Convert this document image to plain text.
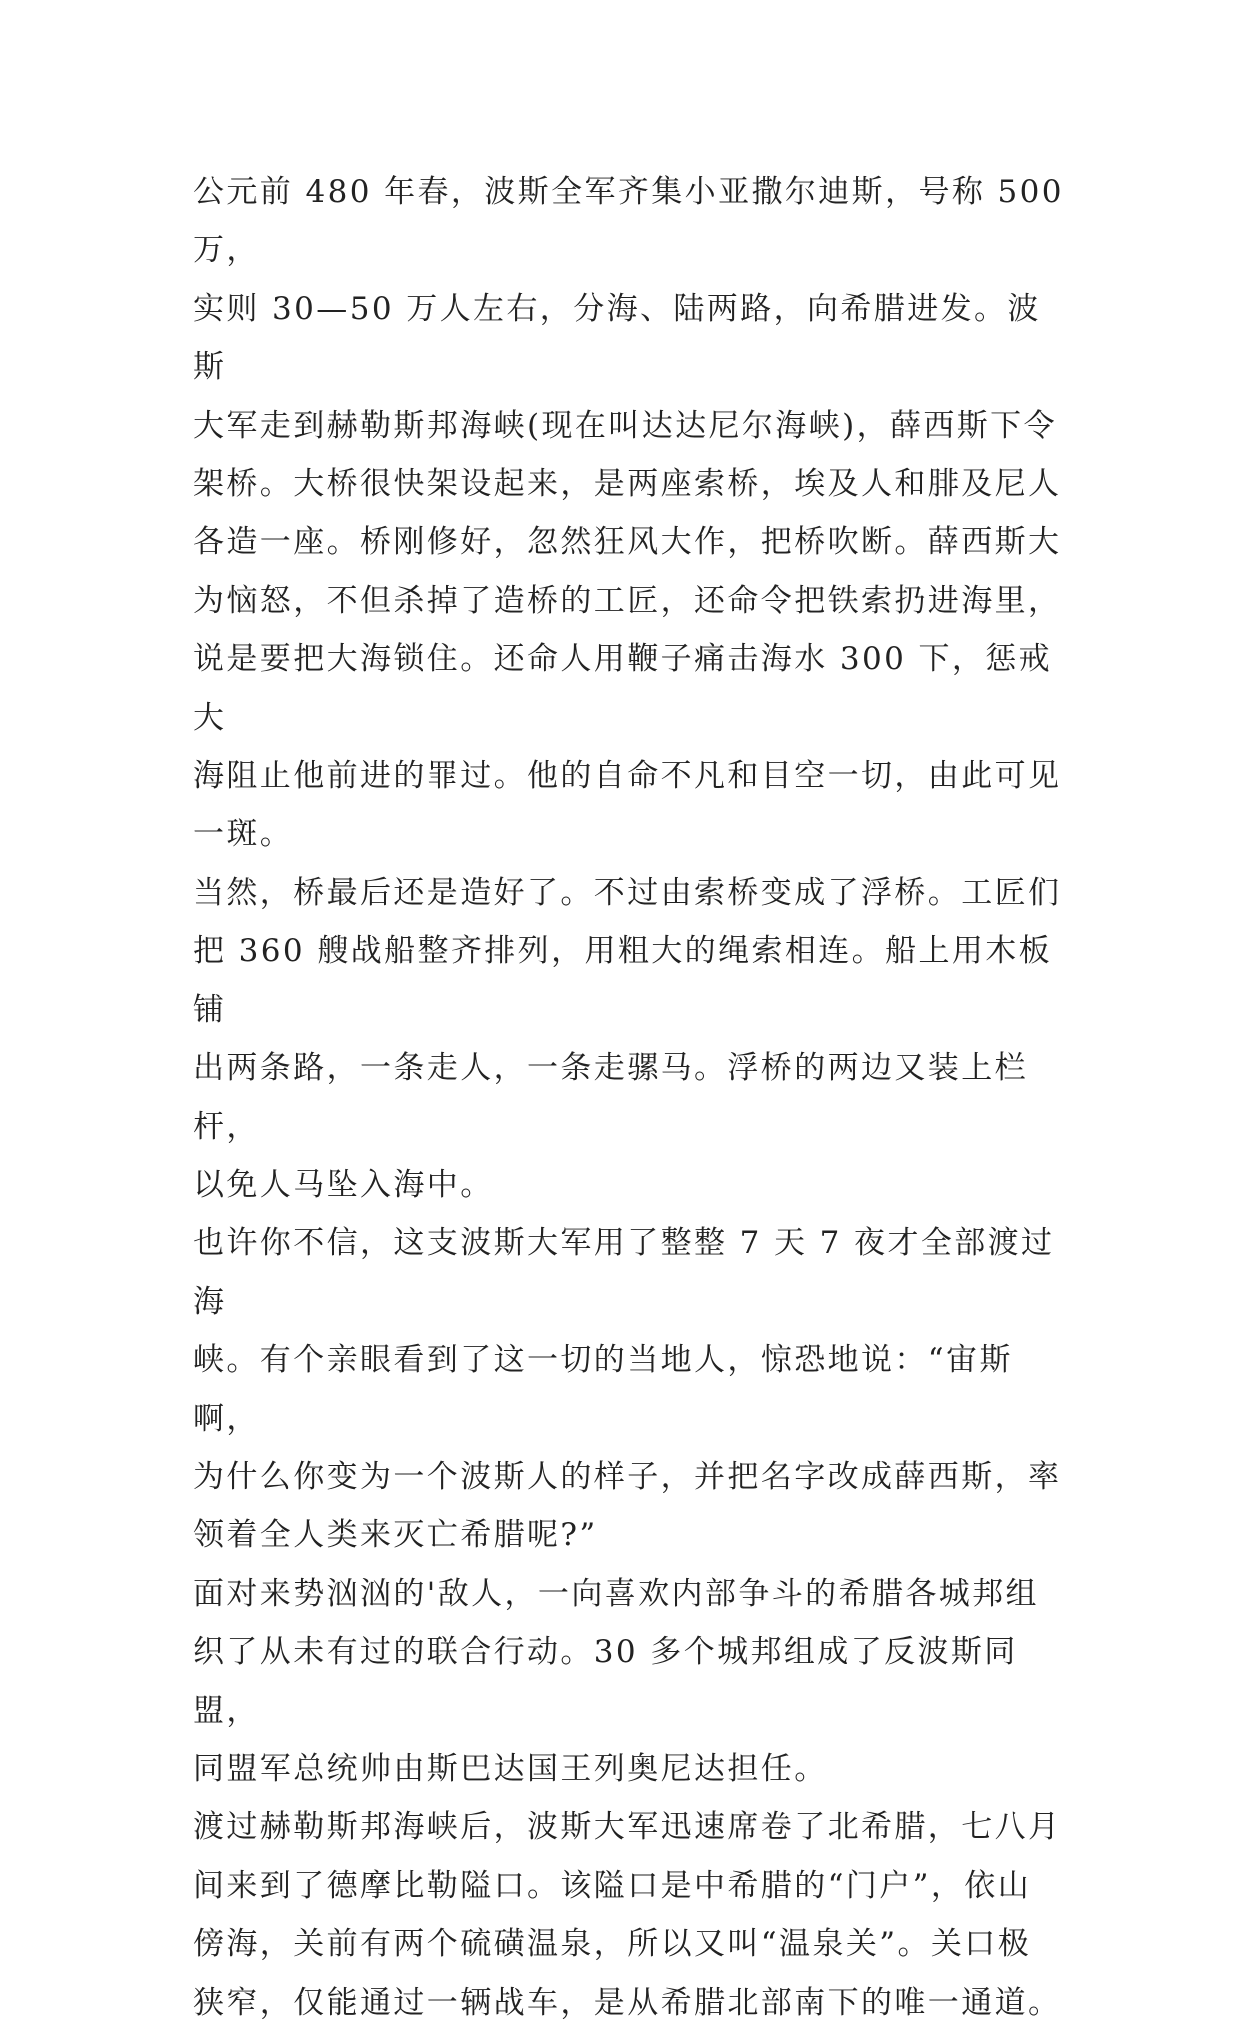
公元前 480 年春，波斯全军齐集小亚撒尔迪斯，号称 500 万，
实则 30—50 万人左右，分海、陆两路，向希腊进发。波斯
大军走到赫勒斯邦海峡(现在叫达达尼尔海峡)，薛西斯下令
架桥。大桥很快架设起来，是两座索桥，埃及人和腓及尼人
各造一座。桥刚修好，忽然狂风大作，把桥吹断。薛西斯大
为恼怒，不但杀掉了造桥的工匠，还命令把铁索扔进海里，
说是要把大海锁住。还命人用鞭子痛击海水 300 下，惩戒大
海阻止他前进的罪过。他的自命不凡和目空一切，由此可见
一斑。

当然，桥最后还是造好了。不过由索桥变成了浮桥。工匠们
把 360 艘战船整齐排列，用粗大的绳索相连。船上用木板铺
出两条路，一条走人，一条走骡马。浮桥的两边又装上栏杆，
以免人马坠入海中。

也许你不信，这支波斯大军用了整整 7 天 7 夜才全部渡过海
峡。有个亲眼看到了这一切的当地人，惊恐地说：“宙斯啊，
为什么你变为一个波斯人的样子，并把名字改成薛西斯，率
领着全人类来灭亡希腊呢?”

面对来势汹汹的'敌人，一向喜欢内部争斗的希腊各城邦组
织了从未有过的联合行动。30 多个城邦组成了反波斯同盟，
同盟军总统帅由斯巴达国王列奥尼达担任。

渡过赫勒斯邦海峡后，波斯大军迅速席卷了北希腊，七八月
间来到了德摩比勒隘口。该隘口是中希腊的“门户”，依山
傍海，关前有两个硫磺温泉，所以又叫“温泉关”。关口极
狭窄，仅能通过一辆战车，是从希腊北部南下的唯一通道。
